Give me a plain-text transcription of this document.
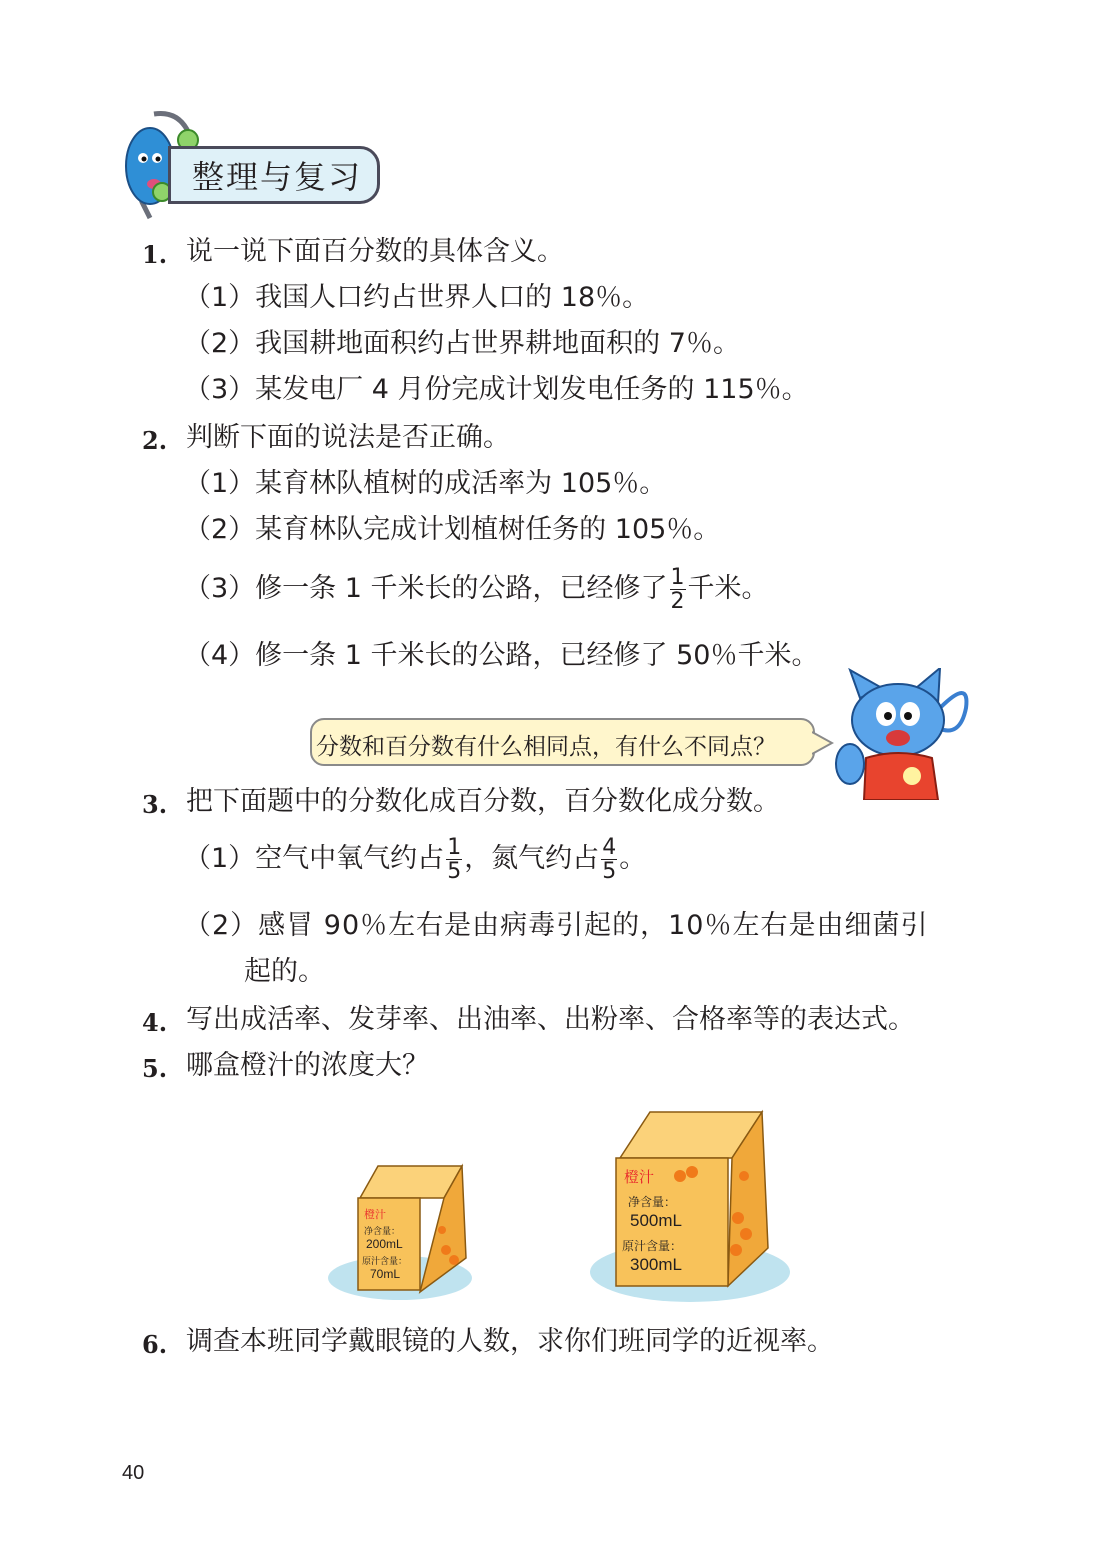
整理与复习
1. 说一说下面百分数的具体含义。
（1）我国人口约占世界人口的 18％。
（2）我国耕地面积约占世界耕地面积的 7％。
（3）某发电厂 4 月份完成计划发电任务的 115％。
2. 判断下面的说法是否正确。
（1）某育林队植树的成活率为 105％。
（2）某育林队完成计划植树任务的 105％。
（3）修一条 1 千米长的公路，已经修了 $\frac{1}{2}$ 千米。
（4）修一条 1 千米长的公路，已经修了 50％千米。
分数和百分数有什么相同点，有什么不同点？
3. 把下面题中的分数化成百分数，百分数化成分数。
（1）空气中氧气约占 $\frac{1}{5}$ ，氮气约占 $\frac{4}{5}$ 。
（2）感冒 90％左右是由病毒引起的，10％左右是由细菌引
起的。
4. 写出成活率、发芽率、出油率、出粉率、合格率等的表达式。
5. 哪盒橙汁的浓度大？
橙汁
净含量：
200mL
原汁含量：
70mL
橙汁
净含量：
500mL
原汁含量：
300mL
6. 调查本班同学戴眼镜的人数，求你们班同学的近视率。
40
